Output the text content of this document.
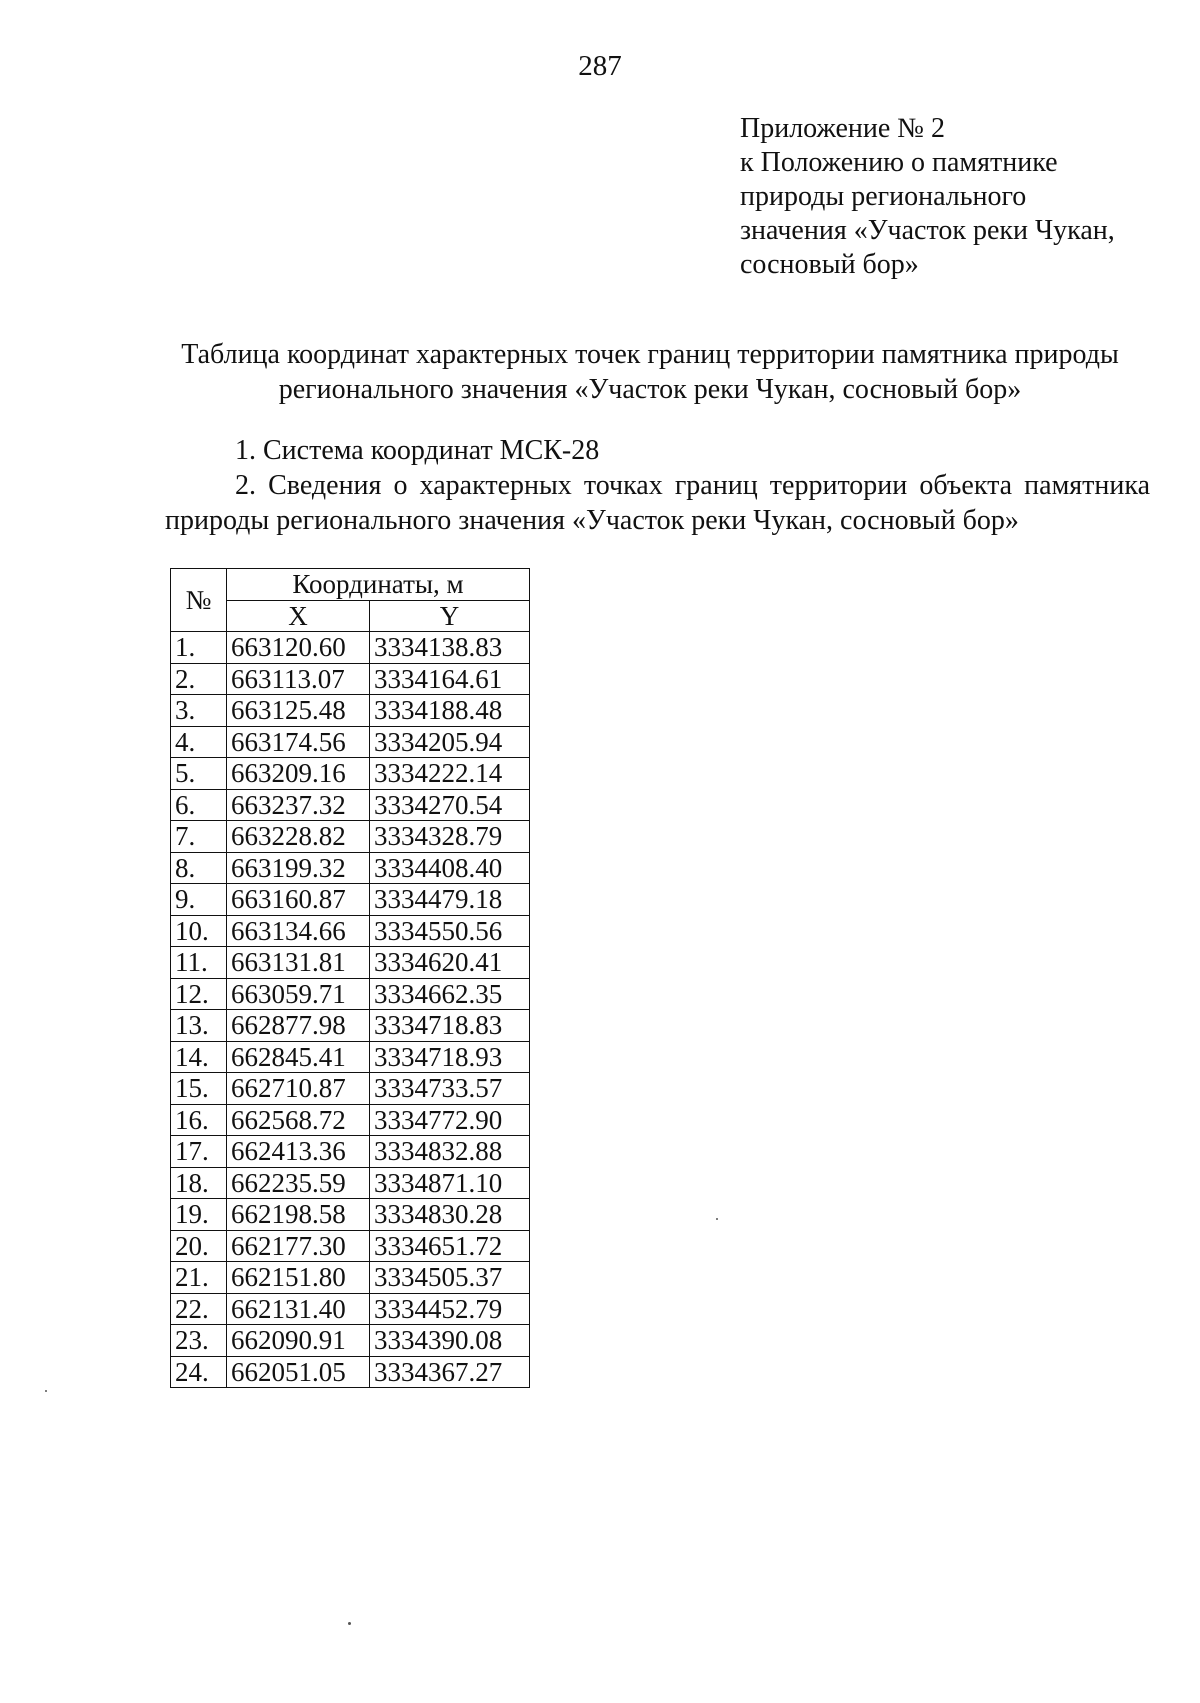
287
Приложение № 2
к Положению о памятнике
природы регионального
значения «Участок реки Чукан,
сосновый бор»
Таблица координат характерных точек границ территории памятника природы
регионального значения «Участок реки Чукан, сосновый бор»
1. Система координат МСК-28
2. Сведения о характерных точках границ территории объекта памятника
природы регионального значения «Участок реки Чукан, сосновый бор»
№	Координаты, м	
	X	Y
1.	663120.60	3334138.83
2.	663113.07	3334164.61
3.	663125.48	3334188.48
4.	663174.56	3334205.94
5.	663209.16	3334222.14
6.	663237.32	3334270.54
7.	663228.82	3334328.79
8.	663199.32	3334408.40
9.	663160.87	3334479.18
10.	663134.66	3334550.56
11.	663131.81	3334620.41
12.	663059.71	3334662.35
13.	662877.98	3334718.83
14.	662845.41	3334718.93
15.	662710.87	3334733.57
16.	662568.72	3334772.90
17.	662413.36	3334832.88
18.	662235.59	3334871.10
19.	662198.58	3334830.28
20.	662177.30	3334651.72
21.	662151.80	3334505.37
22.	662131.40	3334452.79
23.	662090.91	3334390.08
24.	662051.05	3334367.27
